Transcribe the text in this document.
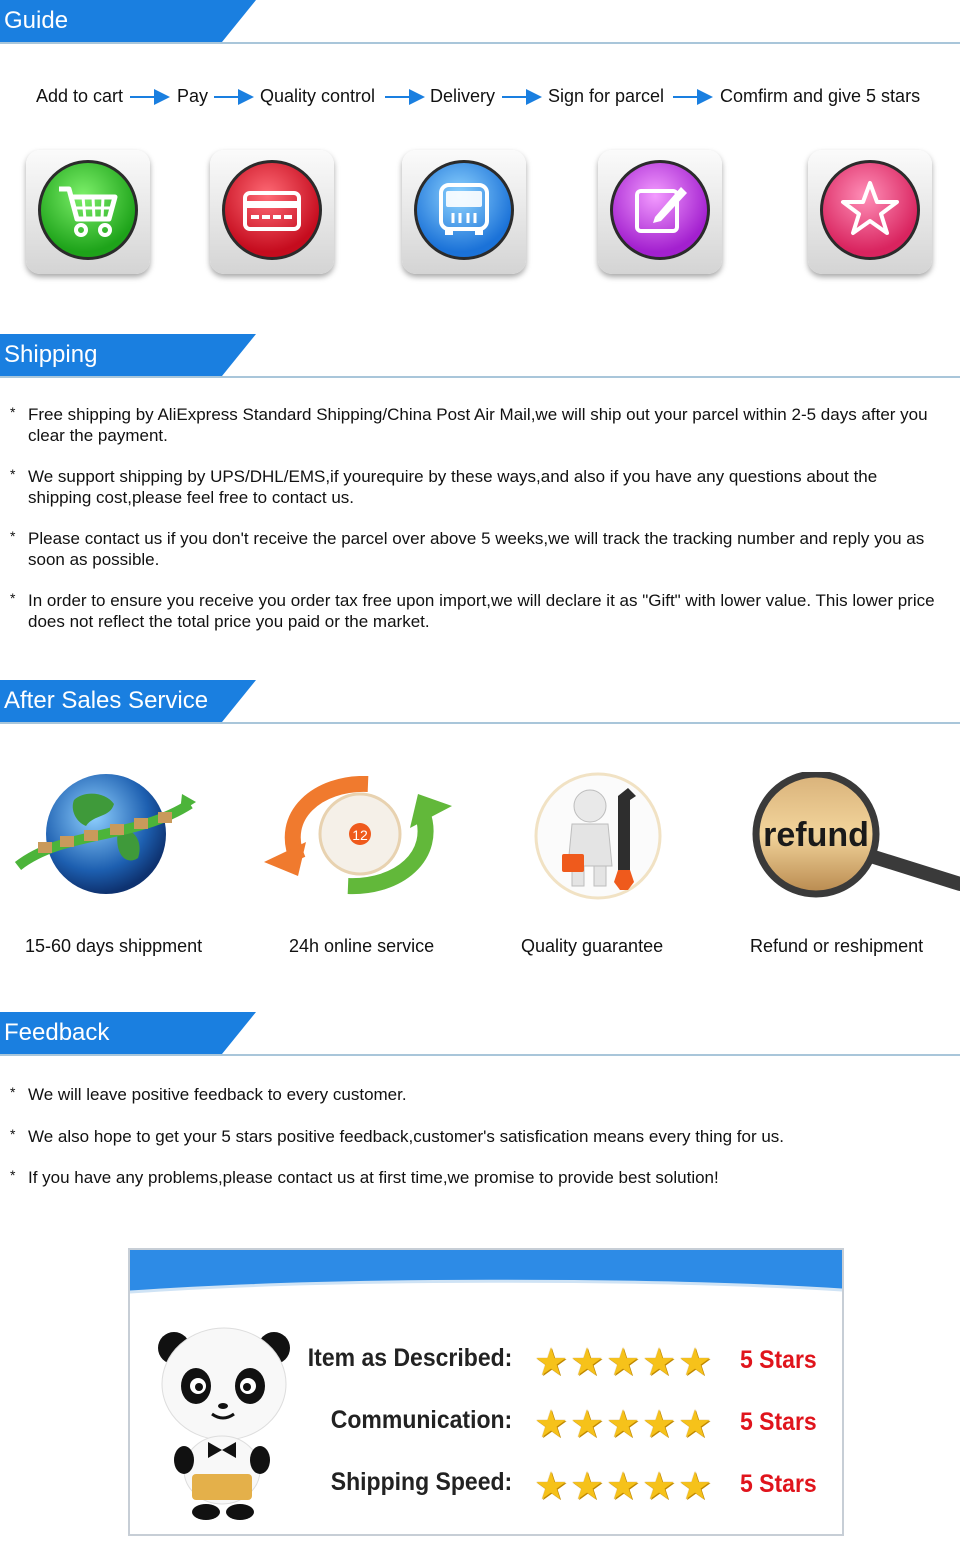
Guide
Add to cart	Pay	Quality control	Delivery	Sign for parcel	Comfirm and give 5 stars
Shipping
* Free shipping by AliExpress Standard Shipping/China Post Air Mail,we will ship out your parcel within 2-5 days after you clear the payment.
* We support shipping by UPS/DHL/EMS,if yourequire by these ways,and also if you have any questions about the shipping cost,please feel free to contact us.
* Please contact us if you don't receive the parcel over above 5 weeks,we will track the tracking number and reply you as soon as possible.
* In order to ensure you receive you order tax free upon import,we will declare it as "Gift" with lower value. This lower price does not reflect the total price you paid or the market.
After Sales Service
12	refund
15-60 days shippment	24h online service	Quality guarantee	Refund or reshipment
Feedback
* We will leave positive feedback to every customer.
* We also hope to get your 5 stars positive feedback,customer's satisfication means every thing for us.
* If you have any problems,please contact us at first time,we promise to provide best solution!
Item as Described: ★★★★★ 5 Stars
Communication: ★★★★★ 5 Stars
Shipping Speed: ★★★★★ 5 Stars
